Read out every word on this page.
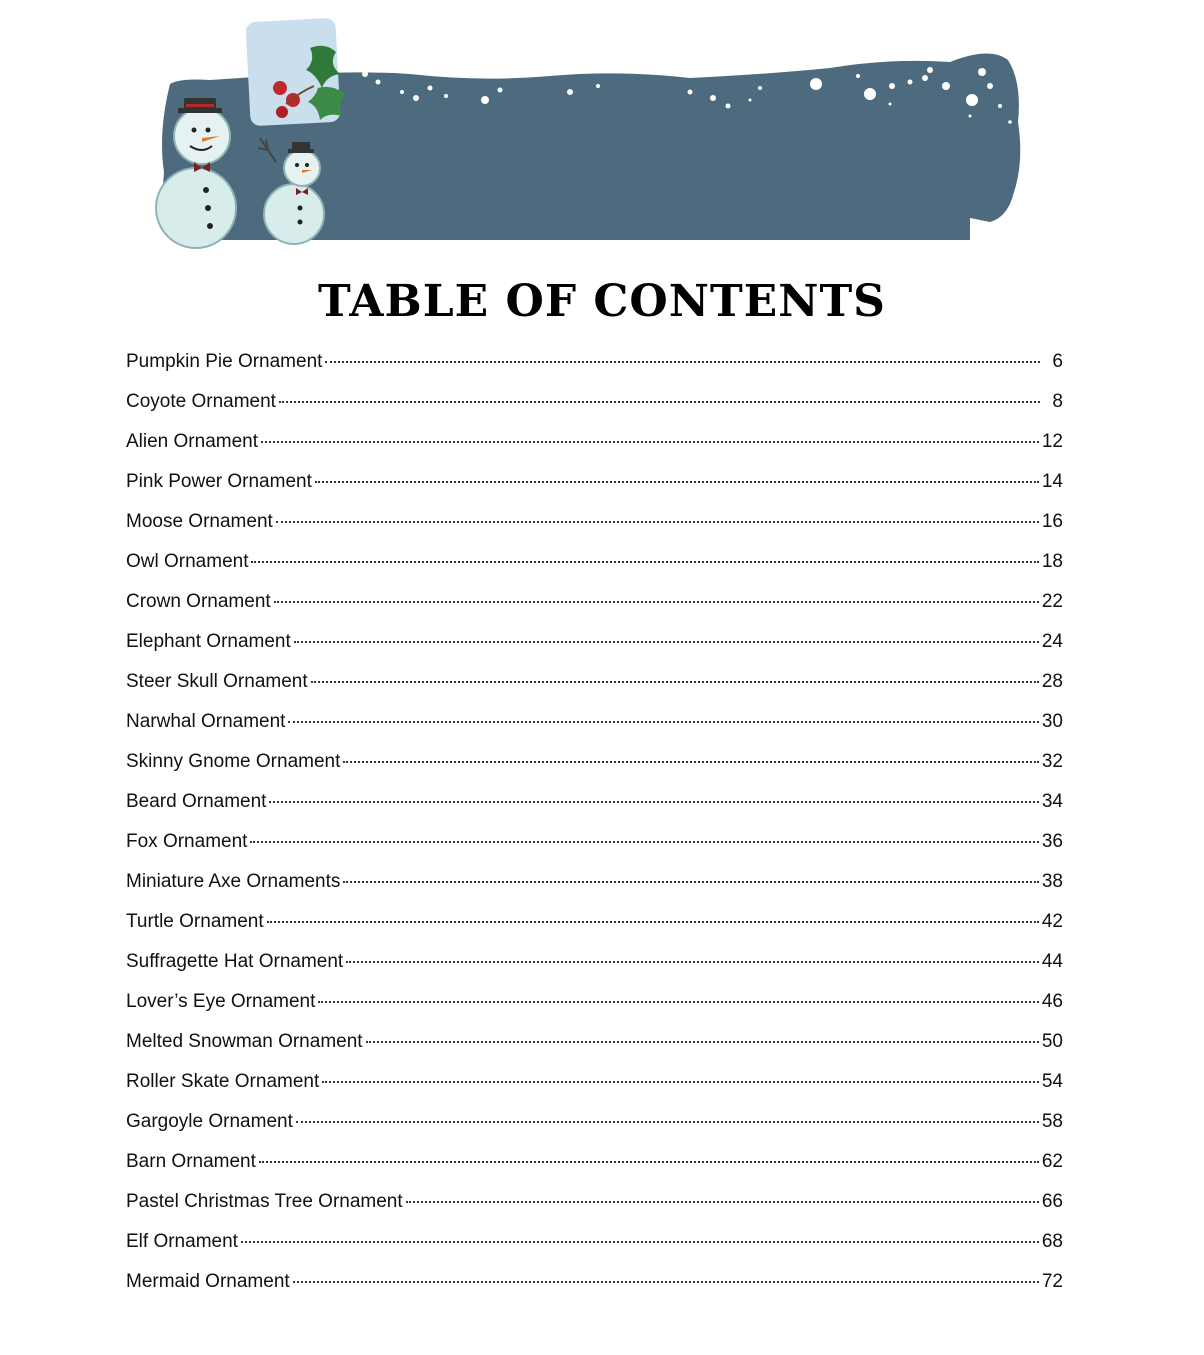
TABLE OF CONTENTS
Pumpkin Pie Ornament	6
Coyote Ornament	8
Alien Ornament	12
Pink Power Ornament	14
Moose Ornament	16
Owl Ornament	18
Crown Ornament	22
Elephant Ornament	24
Steer Skull Ornament	28
Narwhal Ornament	30
Skinny Gnome Ornament	32
Beard Ornament	34
Fox Ornament	36
Miniature Axe Ornaments	38
Turtle Ornament	42
Suffragette Hat Ornament	44
Lover’s Eye Ornament	46
Melted Snowman Ornament	50
Roller Skate Ornament	54
Gargoyle Ornament	58
Barn Ornament	62
Pastel Christmas Tree Ornament	66
Elf Ornament	68
Mermaid Ornament	72
